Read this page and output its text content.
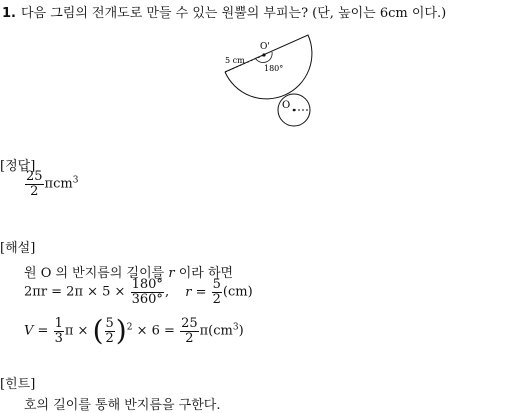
1. 다음 그림의 전개도로 만들 수 있는 원뿔의 부피는? (단, 높이는 6cm 이다.)
5 cm
O'
180°
O
[정답]
$\frac{25}{2} \pi cm^3$
[해설]
원 O 의 반지름의 길이를 r 이라 하면
$2\pi r = 2\pi \times 5 \times \frac{180^\circ}{360^\circ}$ , $r = \frac{5}{2} (cm)$
$V = \frac{1}{3}$ π × ( $\frac{5}{2} )^2 \times 6 = \frac{25}{2} \pi(cm^3)$
[힌트]
호의 길이를 통해 반지름을 구한다.
